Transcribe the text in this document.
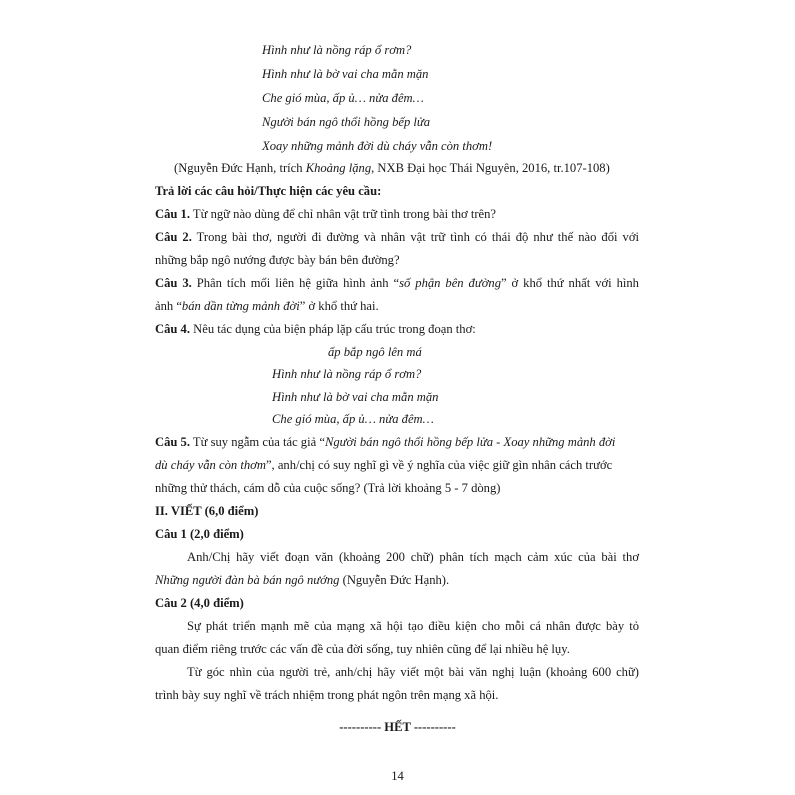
Hình như là nồng ráp ổ rơm?
Hình như là bờ vai cha mằn mặn
Che gió mùa, ấp ủ… nửa đêm…
Người bán ngô thổi hồng bếp lửa
Xoay những mảnh đời dù cháy vẫn còn thơm!
(Nguyễn Đức Hạnh, trích Khoảng lặng, NXB Đại học Thái Nguyên, 2016, tr.107-108)
Trả lời các câu hỏi/Thực hiện các yêu cầu:
Câu 1. Từ ngữ nào dùng để chỉ nhân vật trữ tình trong bài thơ trên?
Câu 2. Trong bài thơ, người đi đường và nhân vật trữ tình có thái độ như thế nào đối với
những bắp ngô nướng được bày bán bên đường?
Câu 3. Phân tích mối liên hệ giữa hình ảnh “số phận bên đường” ở khổ thứ nhất với hình
ảnh “bán dần từng mảnh đời” ở khổ thứ hai.
Câu 4. Nêu tác dụng của biện pháp lặp cấu trúc trong đoạn thơ:
ấp bắp ngô lên má
Hình như là nồng ráp ổ rơm?
Hình như là bờ vai cha mằn mặn
Che gió mùa, ấp ủ… nửa đêm…
Câu 5. Từ suy ngẫm của tác giả “Người bán ngô thổi hồng bếp lửa - Xoay những mảnh đời
dù cháy vẫn còn thơm”, anh/chị có suy nghĩ gì về ý nghĩa của việc giữ gìn nhân cách trước
những thử thách, cám dỗ của cuộc sống? (Trả lời khoảng 5 - 7 dòng)
II. VIẾT (6,0 điểm)
Câu 1 (2,0 điểm)
Anh/Chị hãy viết đoạn văn (khoảng 200 chữ) phân tích mạch cảm xúc của bài thơ
Những người đàn bà bán ngô nướng (Nguyễn Đức Hạnh).
Câu 2 (4,0 điểm)
Sự phát triển mạnh mẽ của mạng xã hội tạo điều kiện cho mỗi cá nhân được bày tỏ
quan điểm riêng trước các vấn đề của đời sống, tuy nhiên cũng để lại nhiều hệ lụy.
Từ góc nhìn của người trẻ, anh/chị hãy viết một bài văn nghị luận (khoảng 600 chữ)
trình bày suy nghĩ về trách nhiệm trong phát ngôn trên mạng xã hội.
---------- HẾT ----------
14
